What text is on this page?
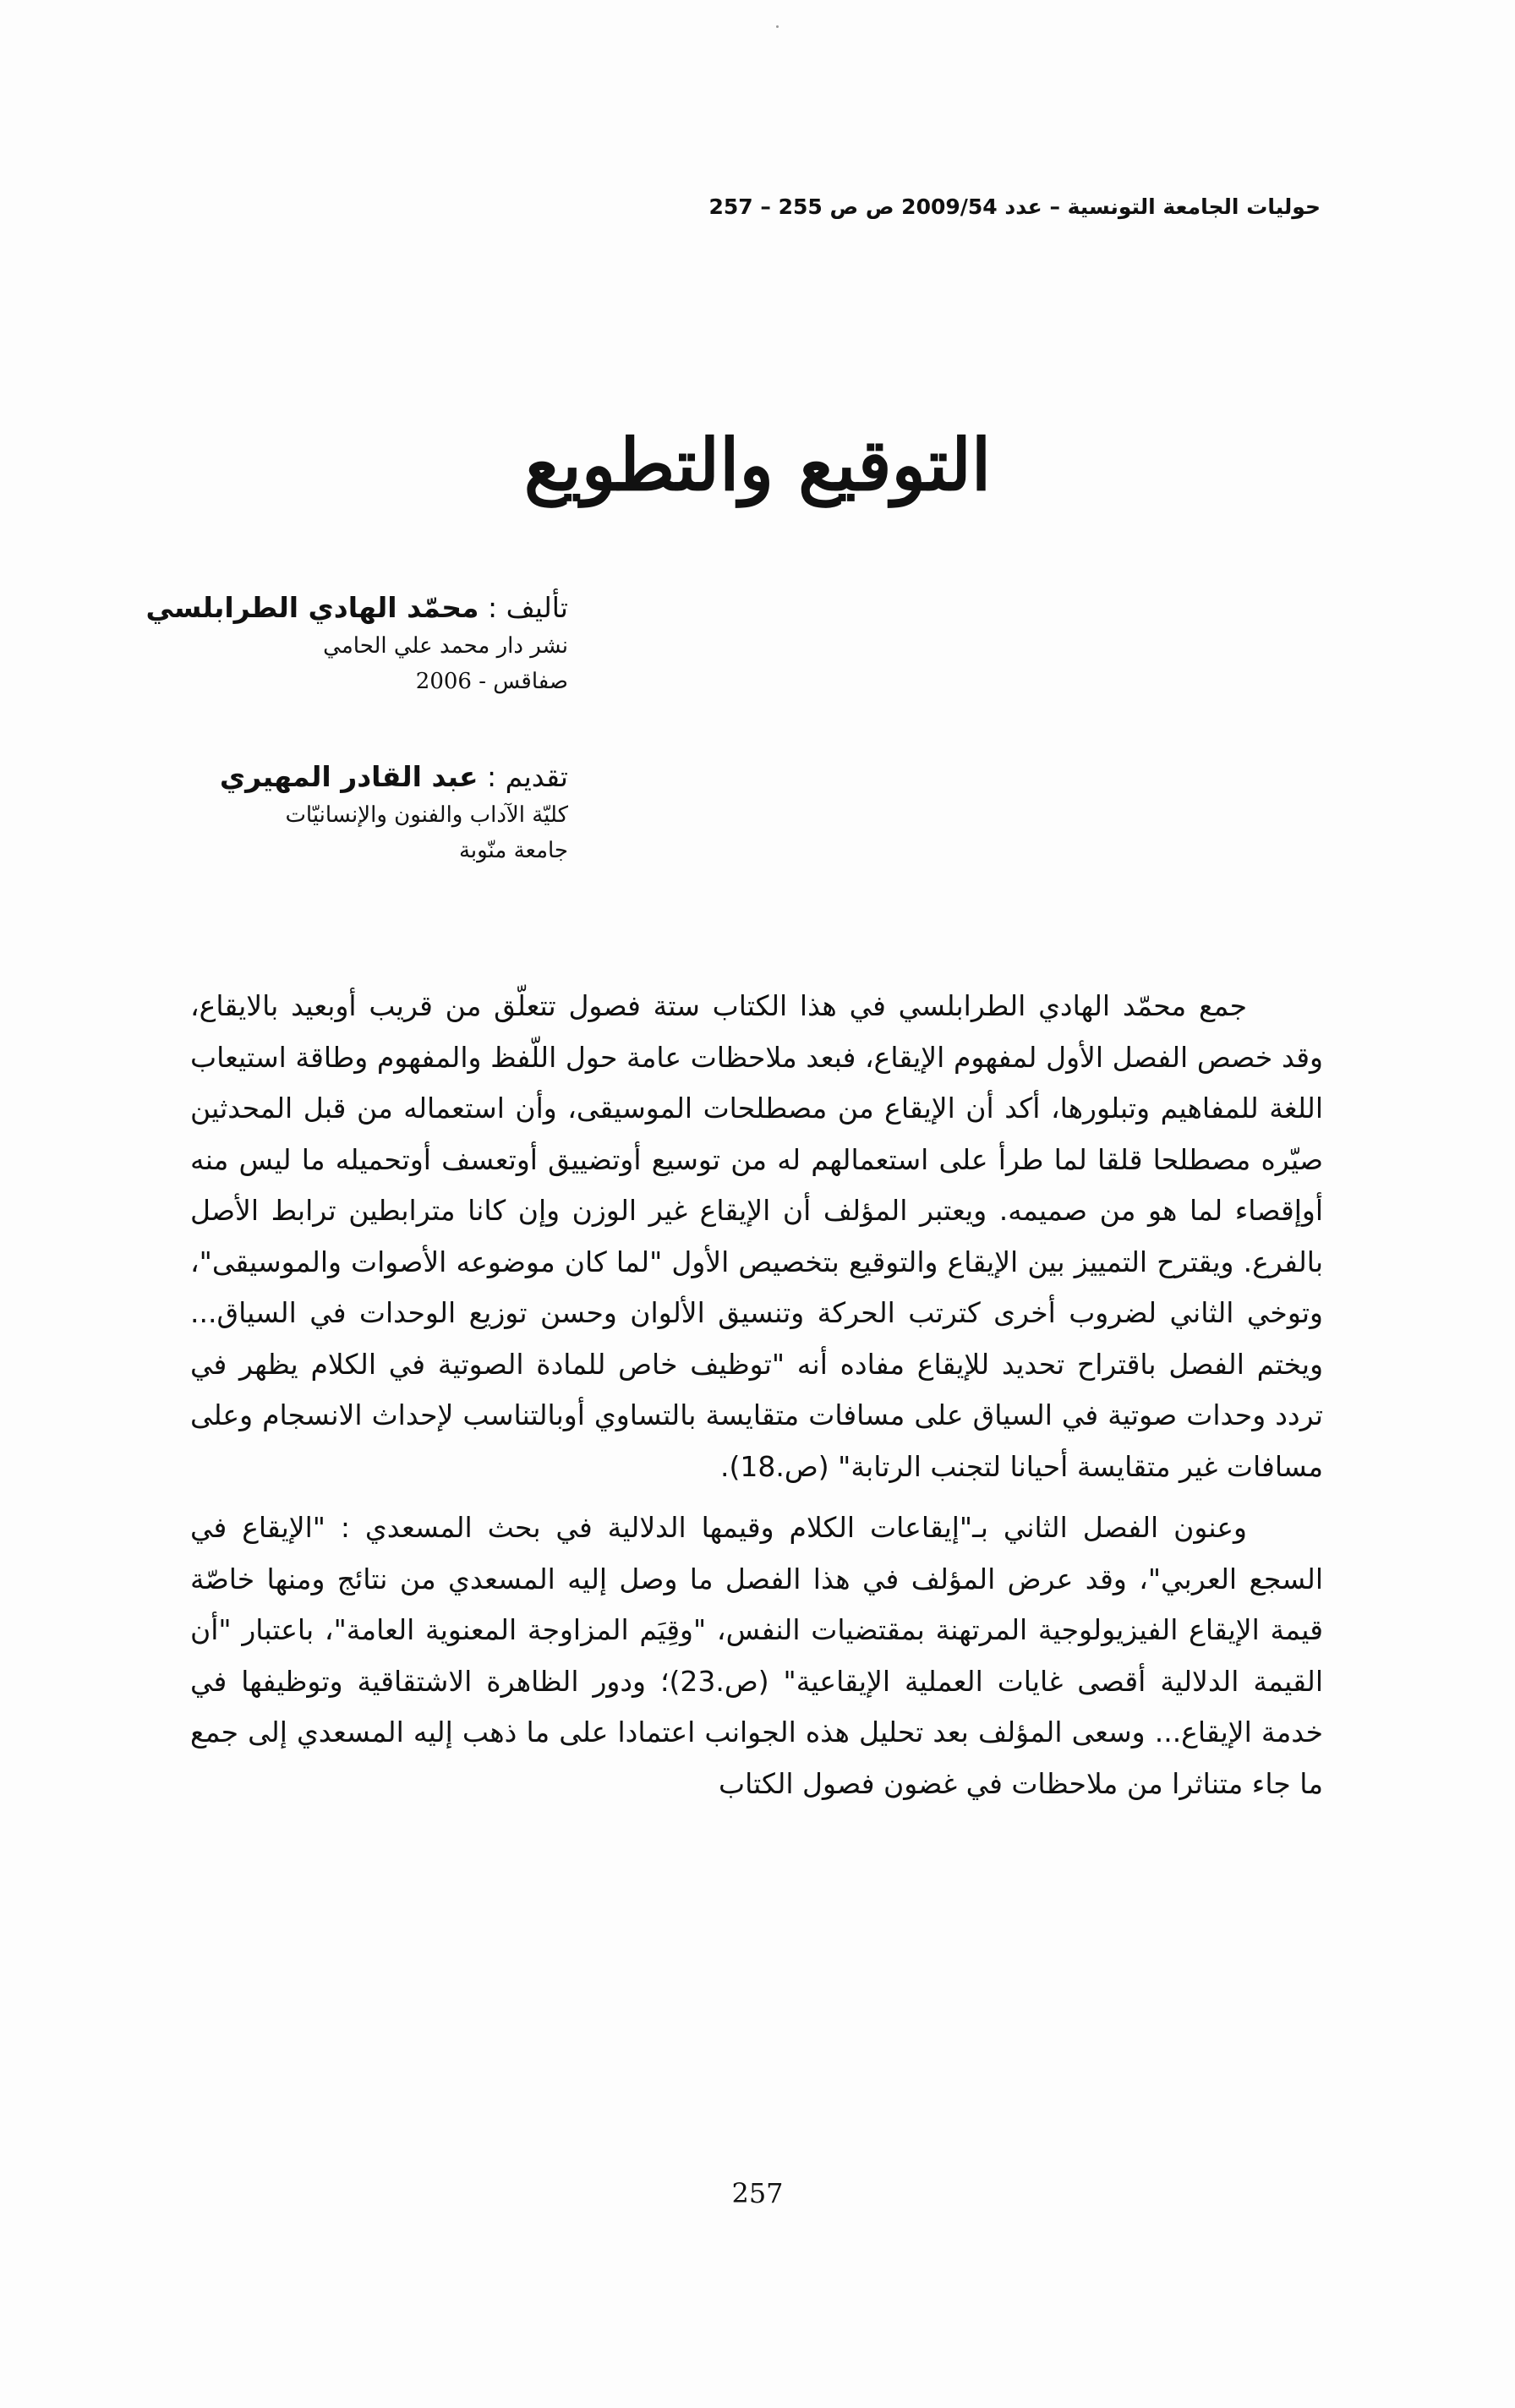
حوليات الجامعة التونسية – عدد 2009/54 ص ص 255 – 257
التوقيع والتطويع
تأليف : محمّد الهادي الطرابلسي
نشر دار محمد علي الحامي
صفاقس - 2006
تقديم : عبد القادر المهيري
كليّة الآداب والفنون والإنسانيّات
جامعة منّوبة

جمع محمّد الهادي الطرابلسي في هذا الكتاب ستة فصول تتعلّق من قريب أوبعيد بالايقاع، وقد خصص الفصل الأول لمفهوم الإيقاع، فبعد ملاحظات عامة حول اللّفظ والمفهوم وطاقة استيعاب اللغة للمفاهيم وتبلورها، أكد أن الإيقاع من مصطلحات الموسيقى، وأن استعماله من قبل المحدثين صيّره مصطلحا قلقا لما طرأ على استعمالهم له من توسيع أوتضييق أوتعسف أوتحميله ما ليس منه أوإقصاء لما هو من صميمه. ويعتبر المؤلف أن الإيقاع غير الوزن وإن كانا مترابطين ترابط الأصل بالفرع. ويقترح التمييز بين الإيقاع والتوقيع بتخصيص الأول "لما كان موضوعه الأصوات والموسيقى"، وتوخي الثاني لضروب أخرى كترتب الحركة وتنسيق الألوان وحسن توزيع الوحدات في السياق... ويختم الفصل باقتراح تحديد للإيقاع مفاده أنه "توظيف خاص للمادة الصوتية في الكلام يظهر في تردد وحدات صوتية في السياق على مسافات متقايسة بالتساوي أوبالتناسب لإحداث الانسجام وعلى مسافات غير متقايسة أحيانا لتجنب الرتابة" (ص.18).

وعنون الفصل الثاني بـ"إيقاعات الكلام وقيمها الدلالية في بحث المسعدي : "الإيقاع في السجع العربي"، وقد عرض المؤلف في هذا الفصل ما وصل إليه المسعدي من نتائج ومنها خاصّة قيمة الإيقاع الفيزيولوجية المرتهنة بمقتضيات النفس، "وقِيَم المزاوجة المعنوية العامة"، باعتبار "أن القيمة الدلالية أقصى غايات العملية الإيقاعية" (ص.23)؛ ودور الظاهرة الاشتقاقية وتوظيفها في خدمة الإيقاع... وسعى المؤلف بعد تحليل هذه الجوانب اعتمادا على ما ذهب إليه المسعدي إلى جمع ما جاء متناثرا من ملاحظات في غضون فصول الكتاب

257
